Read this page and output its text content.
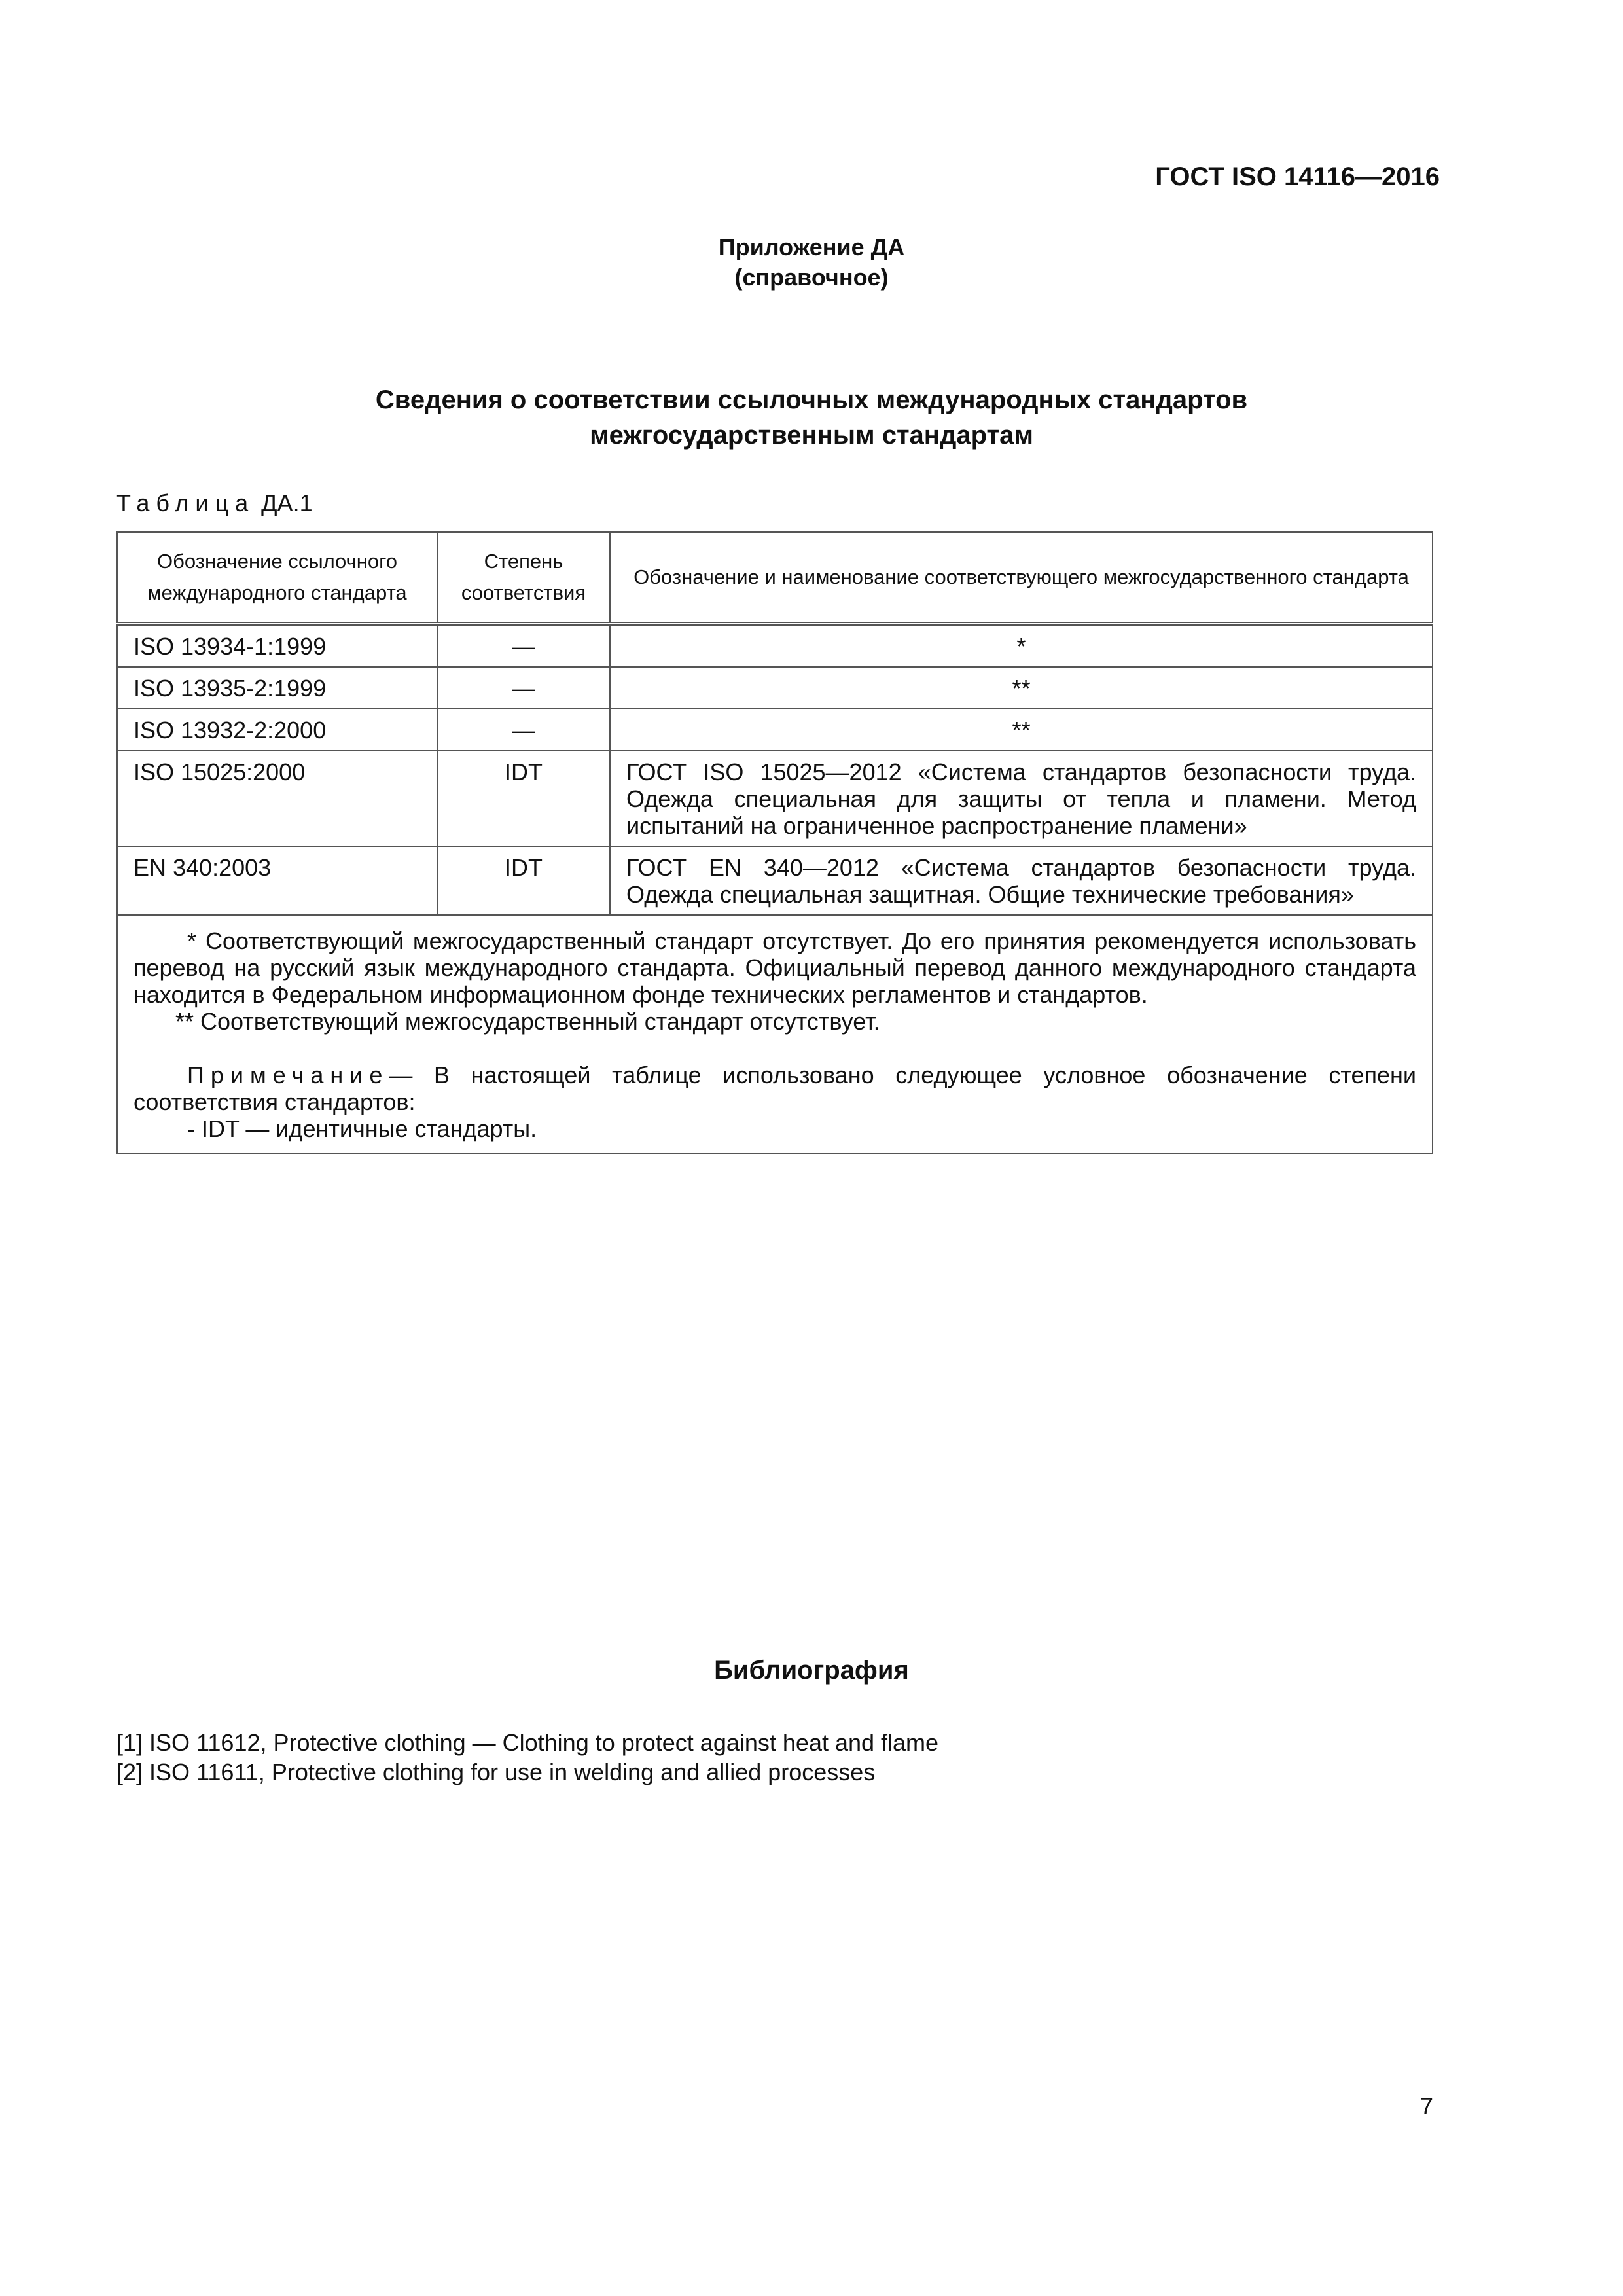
ГОСТ ISO 14116—2016
Приложение ДА
(справочное)
Сведения о соответствии ссылочных международных стандартов
межгосударственным стандартам
Таблица ДА.1
Обозначение ссылочного международного стандарта	Степень соответствия	Обозначение и наименование соответствующего межгосударственного стандарта
ISO 13934-1:1999	—	*
ISO 13935-2:1999	—	**
ISO 13932-2:2000	—	**
ISO 15025:2000	IDT	ГОСТ ISO 15025—2012 «Система стандартов безопасности труда. Одежда специальная для защиты от тепла и пламени. Метод испытаний на ограниченное распространение пламени»
EN 340:2003	IDT	ГОСТ EN 340—2012 «Система стандартов безопасности труда. Одежда специальная защитная. Общие технические требования»

* Соответствующий межгосударственный стандарт отсутствует. До его принятия рекомендуется использовать перевод на русский язык международного стандарта. Официальный перевод данного международного стандарта находится в Федеральном информационном фонде технических регламентов и стандартов.

** Соответствующий межгосударственный стандарт отсутствует.

Примечание— В настоящей таблице использовано следующее условное обозначение степени соответствия стандартов:

- IDT — идентичные стандарты.		

Библиография
[1] ISO 11612, Protective clothing — Clothing to protect against heat and flame
[2] ISO 11611, Protective clothing for use in welding and allied processes
7
